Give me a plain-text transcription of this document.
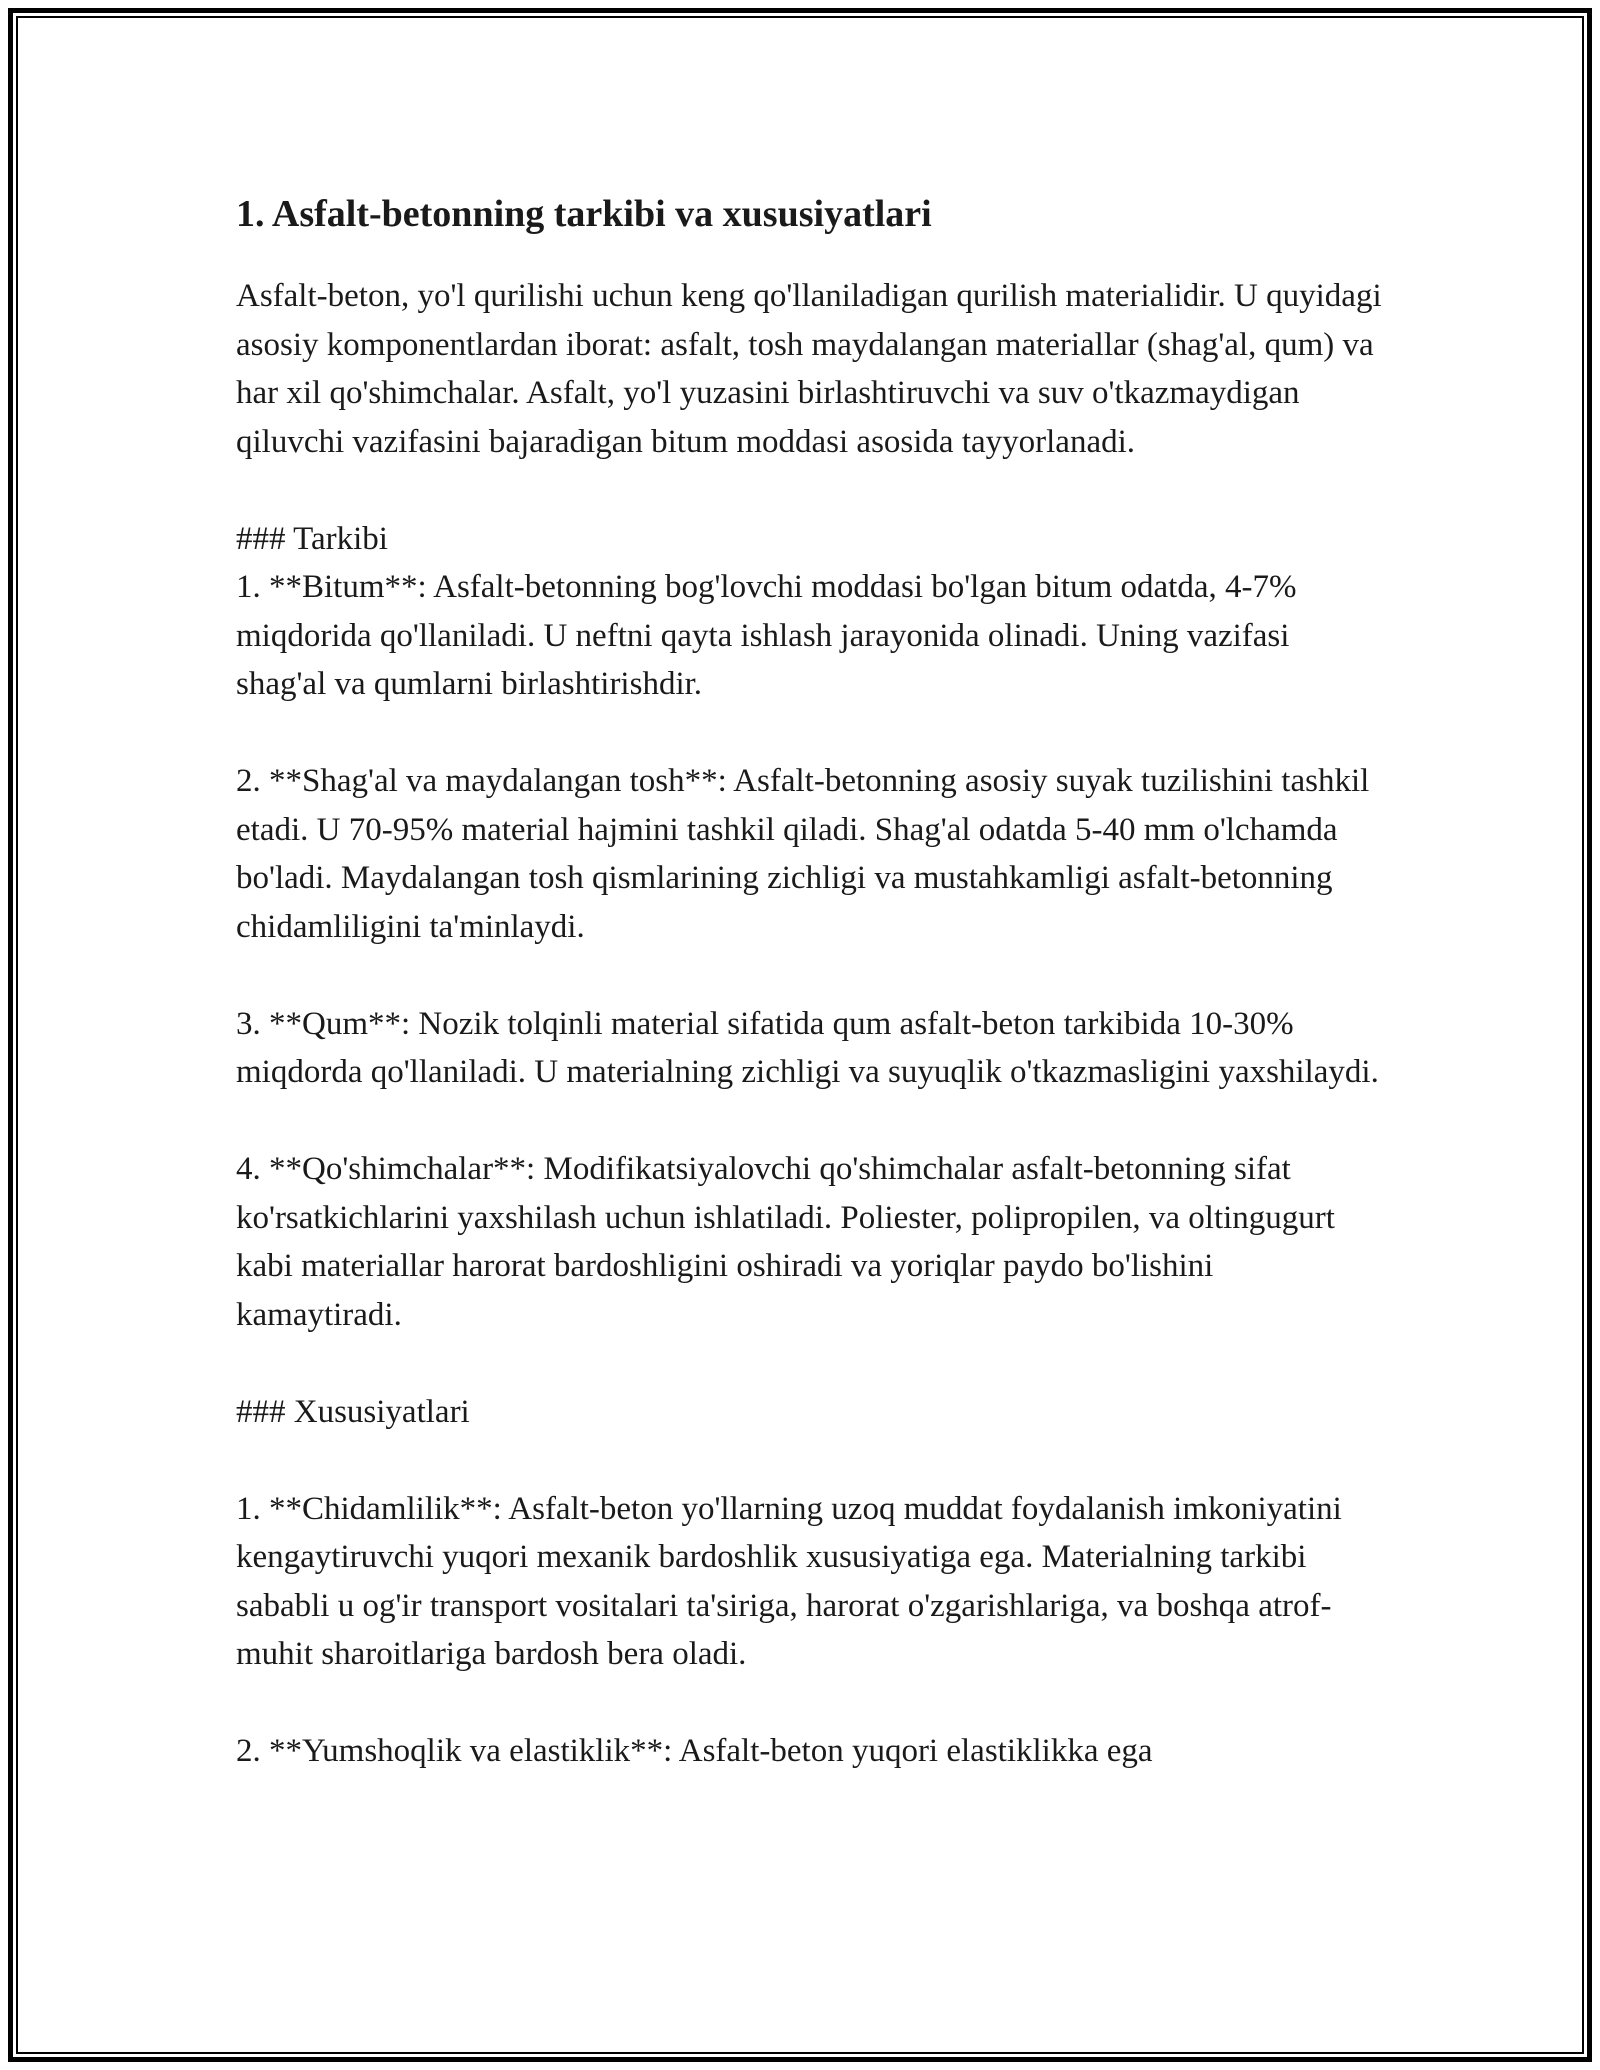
1. Asfalt-betonning tarkibi va xususiyatlari

Asfalt-beton, yo'l qurilishi uchun keng qo'llaniladigan qurilish materialidir. U quyidagi asosiy komponentlardan iborat: asfalt, tosh maydalangan materiallar (shag'al, qum) va har xil qo'shimchalar. Asfalt, yo'l yuzasini birlashtiruvchi va suv o'tkazmaydigan qiluvchi vazifasini bajaradigan bitum moddasi asosida tayyorlanadi.

### Tarkibi

1. **Bitum**: Asfalt-betonning bog'lovchi moddasi bo'lgan bitum odatda, 4-7% miqdorida qo'llaniladi. U neftni qayta ishlash jarayonida olinadi. Uning vazifasi shag'al va qumlarni birlashtirishdir.

2. **Shag'al va maydalangan tosh**: Asfalt-betonning asosiy suyak tuzilishini tashkil etadi. U 70-95% material hajmini tashkil qiladi. Shag'al odatda 5-40 mm o'lchamda bo'ladi. Maydalangan tosh qismlarining zichligi va mustahkamligi asfalt-betonning chidamliligini ta'minlaydi.

3. **Qum**: Nozik tolqinli material sifatida qum asfalt-beton tarkibida 10-30% miqdorda qo'llaniladi. U materialning zichligi va suyuqlik o'tkazmasligini yaxshilaydi.

4. **Qo'shimchalar**: Modifikatsiyalovchi qo'shimchalar asfalt-betonning sifat ko'rsatkichlarini yaxshilash uchun ishlatiladi. Poliester, polipropilen, va oltingugurt kabi materiallar harorat bardoshligini oshiradi va yoriqlar paydo bo'lishini kamaytiradi.

### Xususiyatlari

1. **Chidamlilik**: Asfalt-beton yo'llarning uzoq muddat foydalanish imkoniyatini kengaytiruvchi yuqori mexanik bardoshlik xususiyatiga ega. Materialning tarkibi sababli u og'ir transport vositalari ta'siriga, harorat o'zgarishlariga, va boshqa atrof-muhit sharoitlariga bardosh bera oladi.

2. **Yumshoqlik va elastiklik**: Asfalt-beton yuqori elastiklikka ega
